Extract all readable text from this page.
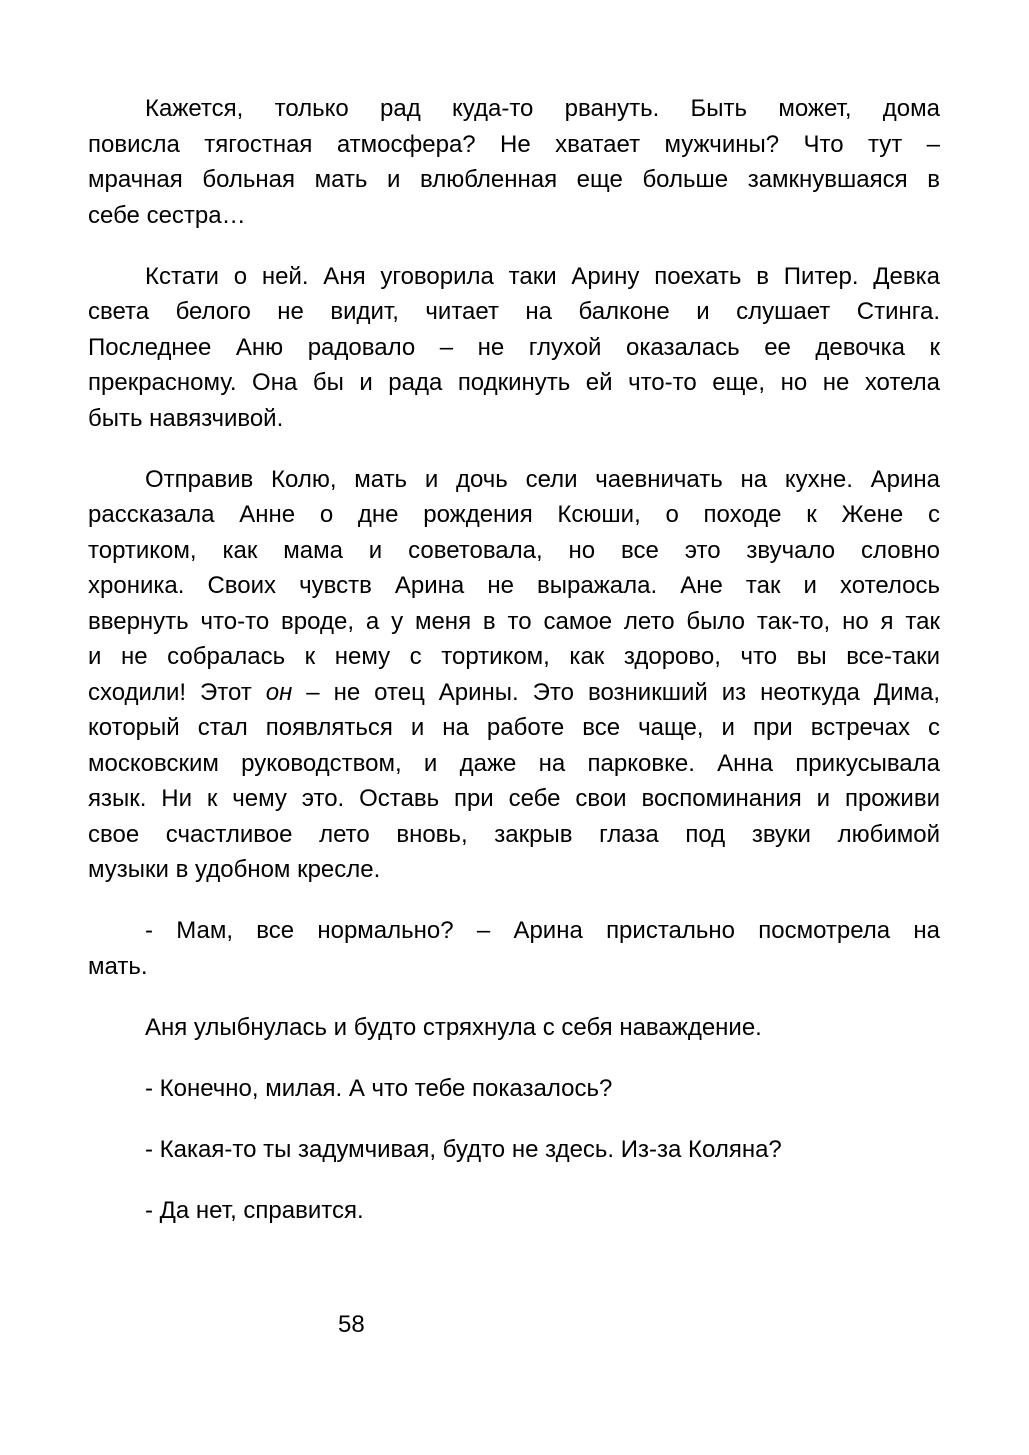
Кажется, только рад куда-то рвануть. Быть может, дома
повисла тягостная атмосфера? Не хватает мужчины? Что тут –
мрачная больная мать и влюбленная еще больше замкнувшаяся в
себе сестра…
Кстати о ней. Аня уговорила таки Арину поехать в Питер. Девка
света белого не видит, читает на балконе и слушает Стинга.
Последнее Аню радовало – не глухой оказалась ее девочка к
прекрасному. Она бы и рада подкинуть ей что-то еще, но не хотела
быть навязчивой.
Отправив Колю, мать и дочь сели чаевничать на кухне. Арина
рассказала Анне о дне рождения Ксюши, о походе к Жене с
тортиком, как мама и советовала, но все это звучало словно
хроника. Своих чувств Арина не выражала. Ане так и хотелось
ввернуть что-то вроде, а у меня в то самое лето было так-то, но я так
и не собралась к нему с тортиком, как здорово, что вы все-таки
сходили! Этот он – не отец Арины. Это возникший из неоткуда Дима,
который стал появляться и на работе все чаще, и при встречах с
московским руководством, и даже на парковке. Анна прикусывала
язык. Ни к чему это. Оставь при себе свои воспоминания и проживи
свое счастливое лето вновь, закрыв глаза под звуки любимой
музыки в удобном кресле.
- Мам, все нормально? – Арина пристально посмотрела на
мать.
Аня улыбнулась и будто стряхнула с себя наваждение.
- Конечно, милая. А что тебе показалось?
- Какая-то ты задумчивая, будто не здесь. Из-за Коляна?
- Да нет, справится.
58
